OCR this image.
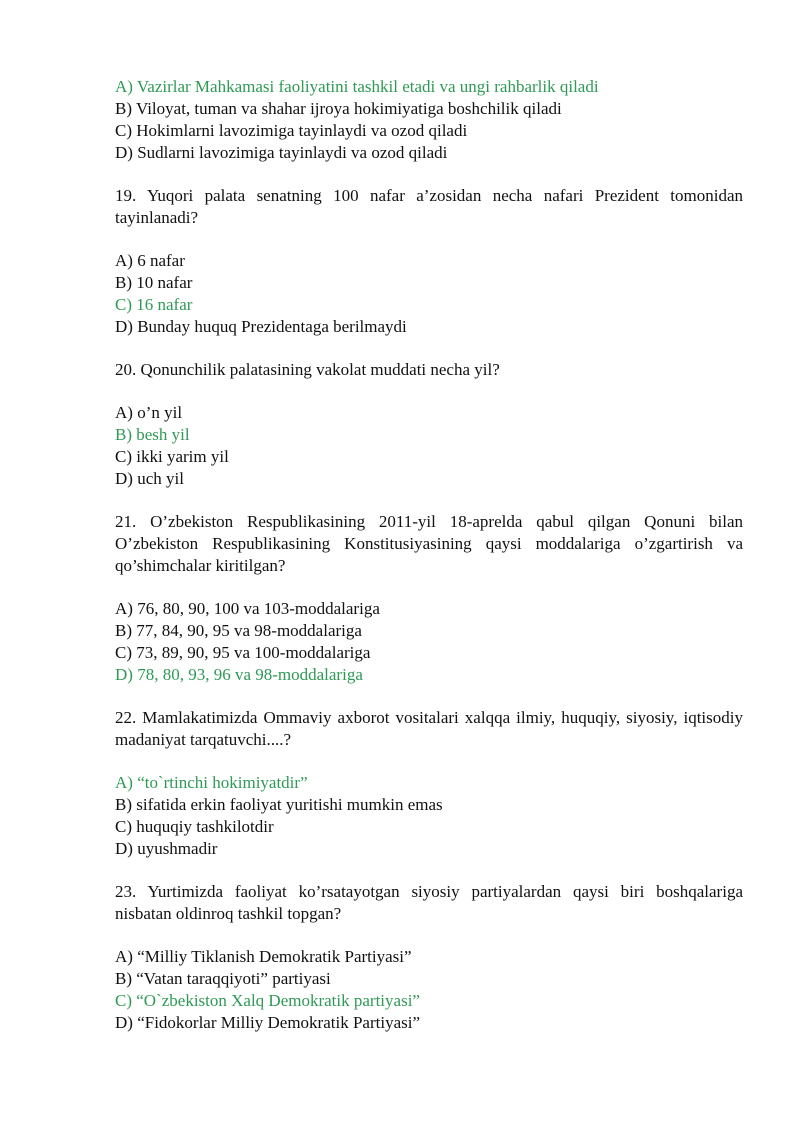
A) Vazirlar Mahkamasi faoliyatini tashkil etadi va ungi rahbarlik qiladi
B) Viloyat, tuman va shahar ijroya hokimiyatiga boshchilik qiladi
C) Hokimlarni lavozimiga tayinlaydi va ozod qiladi
D) Sudlarni lavozimiga tayinlaydi va ozod qiladi
19. Yuqori palata senatning 100 nafar a’zosidan necha nafari Prezident tomonidan tayinlanadi?
A) 6 nafar
B) 10 nafar
C) 16 nafar
D) Bunday huquq Prezidentaga berilmaydi
20. Qonunchilik palatasining vakolat muddati necha yil?
A) o’n yil
B) besh yil
C) ikki yarim yil
D) uch yil
21. O’zbekiston Respublikasining 2011-yil 18-aprelda qabul qilgan Qonuni bilan O’zbekiston Respublikasining Konstitusiyasining qaysi moddalariga o’zgartirish va qo’shimchalar kiritilgan?
A) 76, 80, 90, 100 va 103-moddalariga
B) 77, 84, 90, 95 va 98-moddalariga
C) 73, 89, 90, 95 va 100-moddalariga
D) 78, 80, 93, 96 va 98-moddalariga
22. Mamlakatimizda Ommaviy axborot vositalari xalqqa ilmiy, huquqiy, siyosiy, iqtisodiy madaniyat tarqatuvchi....?
A) “to`rtinchi hokimiyatdir”
B) sifatida erkin faoliyat yuritishi mumkin emas
C) huquqiy tashkilotdir
D) uyushmadir
23. Yurtimizda faoliyat ko’rsatayotgan siyosiy partiyalardan qaysi biri boshqalariga nisbatan oldinroq tashkil topgan?
A) “Milliy Tiklanish Demokratik Partiyasi”
B) “Vatan taraqqiyoti” partiyasi
C) “O`zbekiston Xalq Demokratik partiyasi”
D) “Fidokorlar Milliy Demokratik Partiyasi”
